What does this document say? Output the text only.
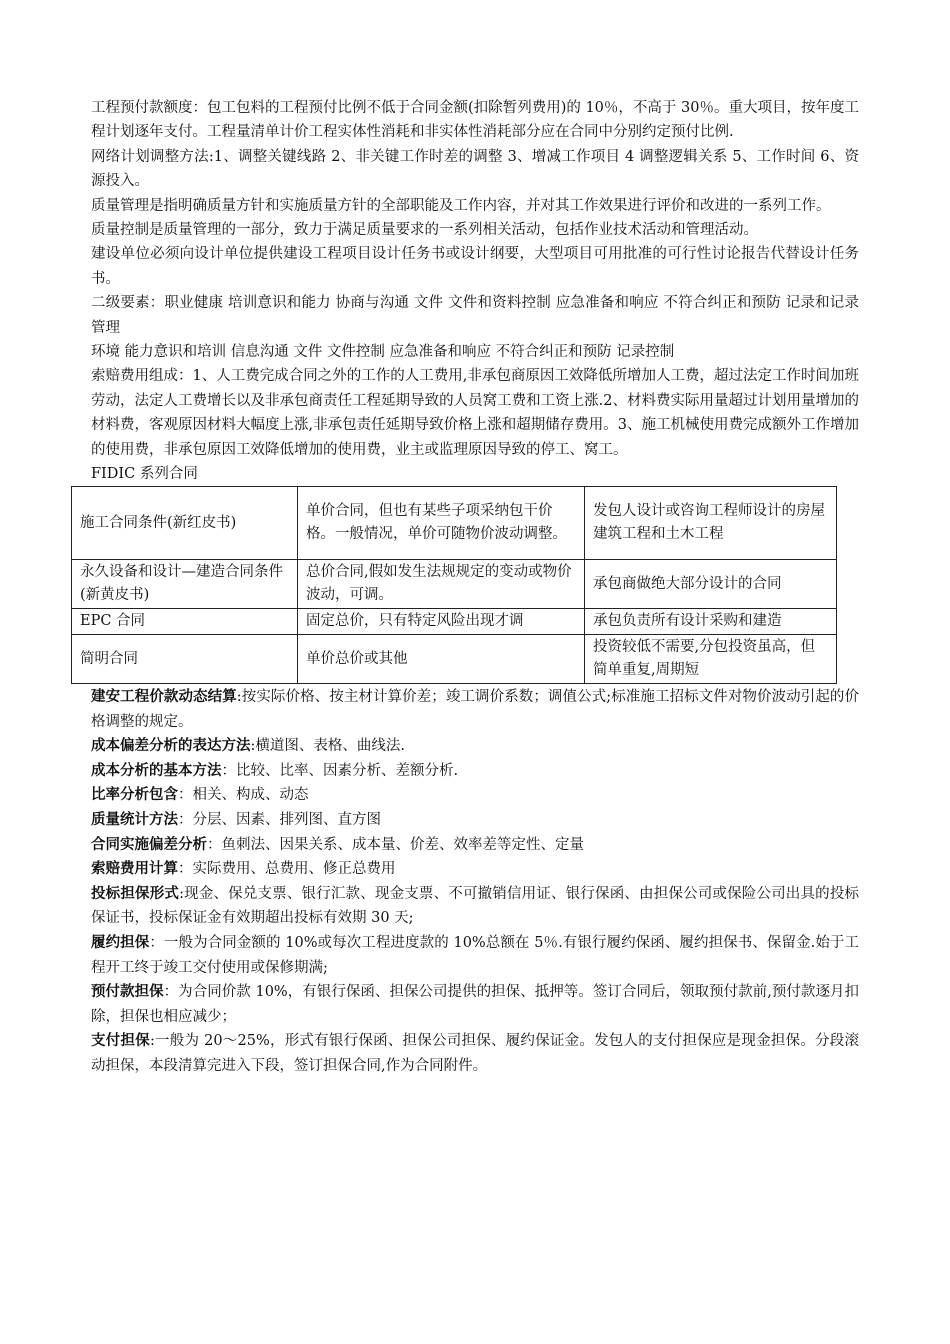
工程预付款额度：包工包料的工程预付比例不低于合同金额(扣除暂列费用)的 10％，不高于 30％。重大项目，按年度工程计划逐年支付。工程量清单计价工程实体性消耗和非实体性消耗部分应在合同中分别约定预付比例.

网络计划调整方法:1、调整关键线路 2、非关键工作时差的调整 3、增减工作项目 4 调整逻辑关系 5、工作时间 6、资源投入。

质量管理是指明确质量方针和实施质量方针的全部职能及工作内容，并对其工作效果进行评价和改进的一系列工作。

质量控制是质量管理的一部分，致力于满足质量要求的一系列相关活动，包括作业技术活动和管理活动。

建设单位必须向设计单位提供建设工程项目设计任务书或设计纲要，大型项目可用批准的可行性讨论报告代替设计任务书。

二级要素：职业健康 培训意识和能力 协商与沟通 文件 文件和资料控制 应急准备和响应 不符合纠正和预防 记录和记录管理

环境 能力意识和培训 信息沟通 文件 文件控制 应急准备和响应 不符合纠正和预防 记录控制

索赔费用组成：1、人工费完成合同之外的工作的人工费用,非承包商原因工效降低所增加人工费，超过法定工作时间加班劳动，法定人工费增长以及非承包商责任工程延期导致的人员窝工费和工资上涨.2、材料费实际用量超过计划用量增加的材料费，客观原因材料大幅度上涨,非承包责任延期导致价格上涨和超期储存费用。3、施工机械使用费完成额外工作增加的使用费，非承包原因工效降低增加的使用费，业主或监理原因导致的停工、窝工。

FIDIC 系列合同

施工合同条件(新红皮书)	单价合同，但也有某些子项采纳包干价格。一般情况，单价可随物价波动调整。	发包人设计或咨询工程师设计的房屋建筑工程和土木工程
永久设备和设计—建造合同条件(新黄皮书)	总价合同,假如发生法规规定的变动或物价波动，可调。	承包商做绝大部分设计的合同
EPC 合同	固定总价，只有特定风险出现才调	承包负责所有设计采购和建造
简明合同	单价总价或其他	投资较低不需要,分包投资虽高，但简单重复,周期短

建安工程价款动态结算:按实际价格、按主材计算价差；竣工调价系数；调值公式;标准施工招标文件对物价波动引起的价格调整的规定。

成本偏差分析的表达方法:横道图、表格、曲线法.

成本分析的基本方法：比较、比率、因素分析、差额分析.

比率分析包含：相关、构成、动态

质量统计方法：分层、因素、排列图、直方图

合同实施偏差分析：鱼刺法、因果关系、成本量、价差、效率差等定性、定量

索赔费用计算：实际费用、总费用、修正总费用

投标担保形式:现金、保兑支票、银行汇款、现金支票、不可撤销信用证、银行保函、由担保公司或保险公司出具的投标保证书，投标保证金有效期超出投标有效期 30 天;

履约担保：一般为合同金额的 10%或每次工程进度款的 10%总额在 5％.有银行履约保函、履约担保书、保留金.始于工程开工终于竣工交付使用或保修期满;

预付款担保：为合同价款 10%，有银行保函、担保公司提供的担保、抵押等。签订合同后，领取预付款前,预付款逐月扣除，担保也相应减少；

支付担保:一般为 20～25%，形式有银行保函、担保公司担保、履约保证金。发包人的支付担保应是现金担保。分段滚动担保，本段清算完进入下段，签订担保合同,作为合同附件。
